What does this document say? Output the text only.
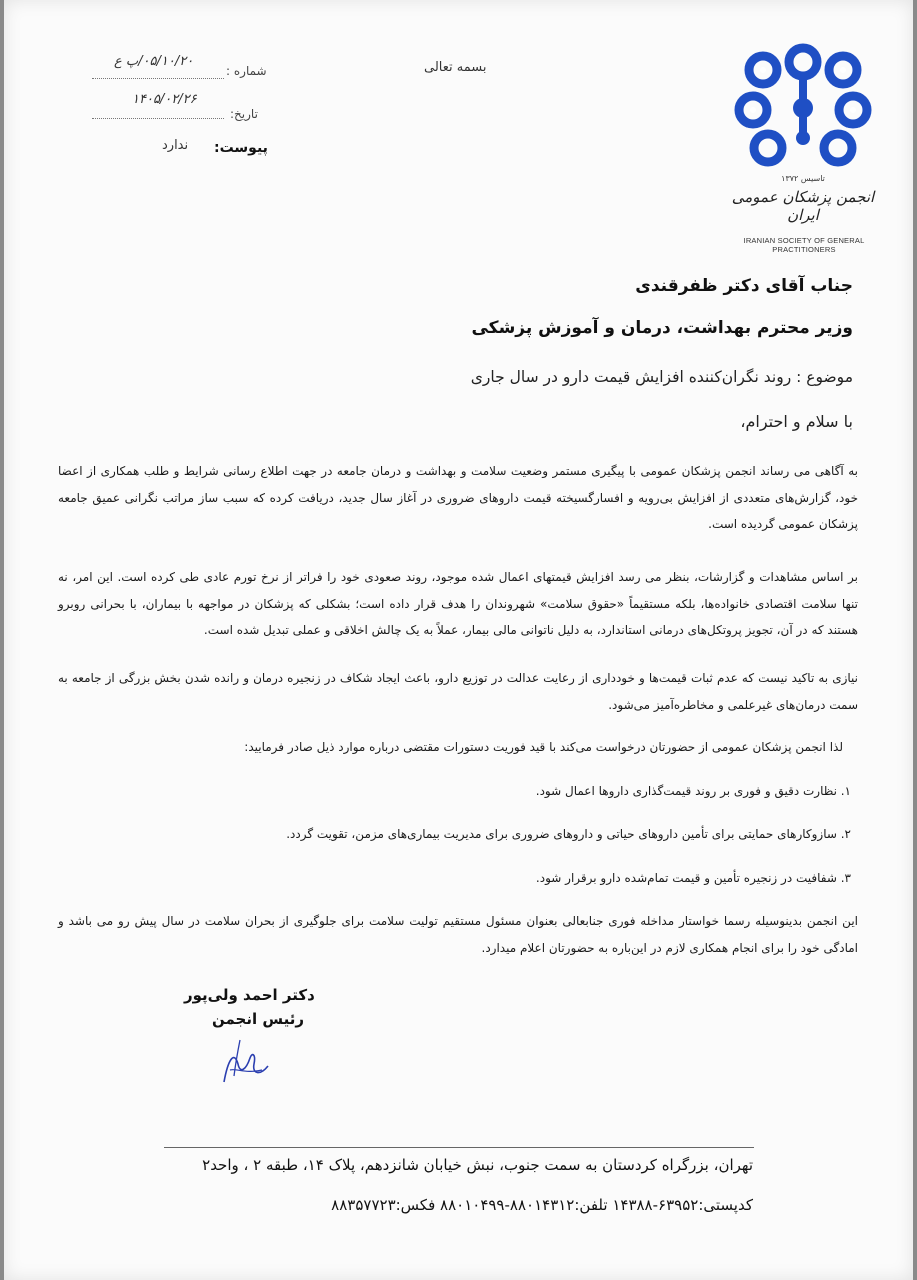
تاسیس ۱۳۷۲
انجمن پزشکان عمومی ایران
IRANIAN SOCIETY OF GENERAL PRACTITIONERS
بسمه تعالی
شماره :
۰۵/۱۰/۲۰/پ ع
تاریخ:
۱۴۰۵/۰۲/۲۶
پیوست:
ندارد
جناب آقای دکتر ظفرقندی
وزیر محترم بهداشت، درمان و آموزش پزشکی
موضوع : روند نگران‌کننده افزایش قیمت دارو در سال جاری
با سلام و احترام،
به آگاهی می رساند انجمن پزشکان عمومی با پیگیری مستمر وضعیت سلامت و بهداشت و درمان جامعه در جهت اطلاع رسانی شرایط و طلب همکاری از اعضا خود، گزارش‌های متعددی از افزایش بی‌رویه و افسارگسیخته قیمت داروهای ضروری در آغاز سال جدید، دریافت کرده که سبب ساز مراتب نگرانی عمیق جامعه پزشکان عمومی گردیده است.
بر اساس مشاهدات و گزارشات، بنظر می رسد افزایش قیمتهای اعمال شده موجود، روند صعودی خود را فراتر از نرخ تورم عادی طی کرده است. این امر، نه تنها سلامت اقتصادی خانواده‌ها، بلکه مستقیماً «حقوق سلامت» شهروندان را هدف قرار داده است؛ بشکلی که پزشکان در مواجهه با بیماران، با بحرانی روبرو هستند که در آن، تجویز پروتکل‌های درمانی استاندارد، به دلیل ناتوانی مالی بیمار، عملاً به یک چالش اخلاقی و عملی تبدیل شده است.
نیازی به تاکید نیست که عدم ثبات قیمت‌ها و خودداری از رعایت عدالت در توزیع دارو، باعث ایجاد شکاف در زنجیره درمان و رانده شدن بخش بزرگی از جامعه به سمت درمان‌های غیرعلمی و مخاطره‌آمیز می‌شود.
لذا انجمن پزشکان عمومی از حضورتان درخواست می‌کند با قید فوریت دستورات مقتضی درباره موارد ذیل صادر فرمایید:
۱. نظارت دقیق و فوری بر روند قیمت‌گذاری داروها اعمال شود.
۲. سازوکارهای حمایتی برای تأمین داروهای حیاتی و داروهای ضروری برای مدیریت بیماری‌های مزمن، تقویت گردد.
۳. شفافیت در زنجیره تأمین و قیمت تمام‌شده دارو برقرار شود.
این انجمن بدینوسیله رسما خواستار مداخله فوری جنابعالی بعنوان مسئول مستقیم تولیت سلامت برای جلوگیری از بحران سلامت در سال پیش رو می باشد و امادگی خود را برای انجام همکاری لازم در این‌باره به حضورتان اعلام میدارد.
دکتر احمد ولی‌پور
رئیس انجمن
تهران، بزرگراه کردستان به سمت جنوب، نبش خیابان شانزدهم، پلاک ۱۴، طبقه ۲ ، واحد۲
کدپستی:۶۳۹۵۲-۱۴۳۸۸ تلفن:۸۸۰۱۴۳۱۲-۸۸۰۱۰۴۹۹ فکس:۸۸۳۵۷۷۲۳
